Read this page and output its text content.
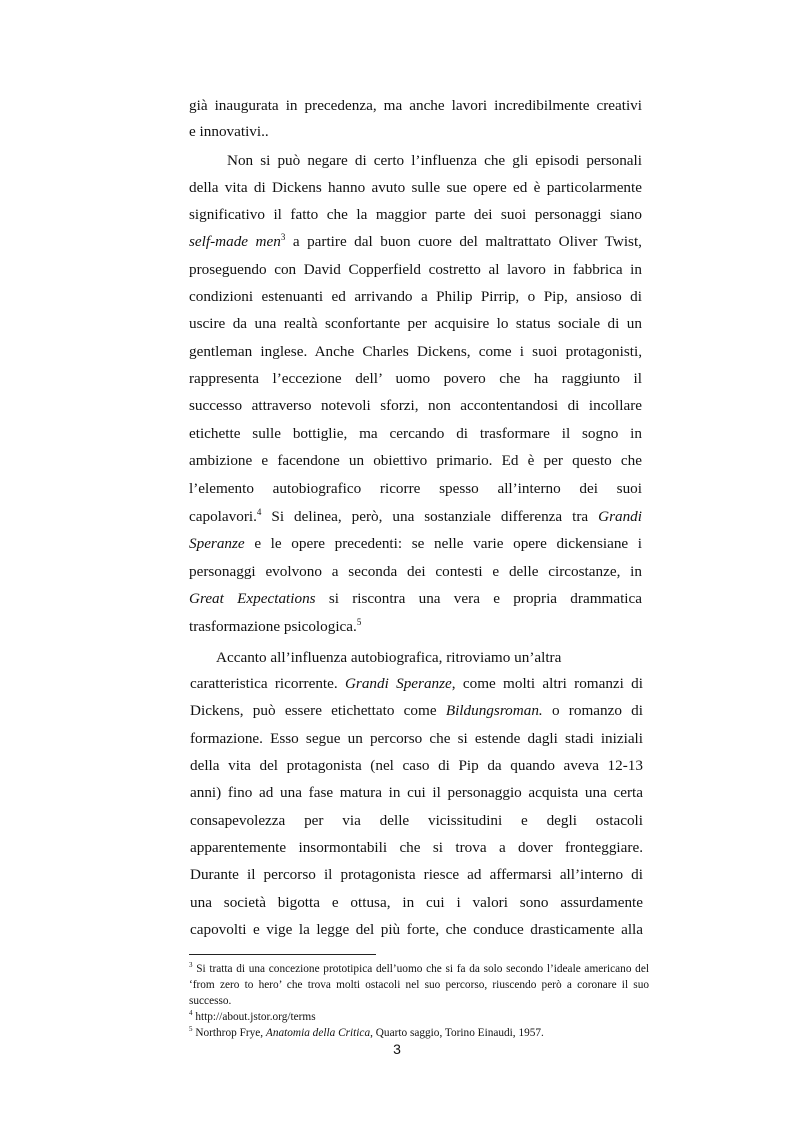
già inaugurata in precedenza, ma anche lavori incredibilmente creativi
e innovativi..
Non si può negare di certo l’influenza che gli episodi personali
della vita di Dickens hanno avuto sulle sue opere ed è particolarmente
significativo il fatto che la maggior parte dei suoi personaggi siano
self-made men$^3$ a partire dal buon cuore del maltrattato Oliver Twist,
proseguendo con David Copperfield costretto al lavoro in fabbrica in
condizioni estenuanti ed arrivando a Philip Pirrip, o Pip, ansioso di
uscire da una realtà sconfortante per acquisire lo status sociale di un
gentleman inglese. Anche Charles Dickens, come i suoi protagonisti,
rappresenta l’eccezione dell’ uomo povero che ha raggiunto il
successo attraverso notevoli sforzi, non accontentandosi di incollare
etichette sulle bottiglie, ma cercando di trasformare il sogno in
ambizione e facendone un obiettivo primario. Ed è per questo che
l’elemento autobiografico ricorre spesso all’interno dei suoi
capolavori.$^4$ Si delinea, però, una sostanziale differenza tra Grandi
Speranze e le opere precedenti: se nelle varie opere dickensiane i
personaggi evolvono a seconda dei contesti e delle circostanze, in
Great Expectations si riscontra una vera e propria drammatica
trasformazione psicologica.$^5$
Accanto all’influenza autobiografica, ritroviamo un’altra
caratteristica ricorrente. Grandi Speranze, come molti altri romanzi di
Dickens, può essere etichettato come Bildungsroman. o romanzo di
formazione. Esso segue un percorso che si estende dagli stadi iniziali
della vita del protagonista (nel caso di Pip da quando aveva 12-13
anni) fino ad una fase matura in cui il personaggio acquista una certa
consapevolezza per via delle vicissitudini e degli ostacoli
apparentemente insormontabili che si trova a dover fronteggiare.
Durante il percorso il protagonista riesce ad affermarsi all’interno di
una società bigotta e ottusa, in cui i valori sono assurdamente
capovolti e vige la legge del più forte, che conduce drasticamente alla
$^3$ Si tratta di una concezione prototipica dell’uomo che si fa da solo secondo l’ideale americano del
‘from zero to hero’ che trova molti ostacoli nel suo percorso, riuscendo però a coronare il suo
successo.
$^4$ http://about.jstor.org/terms
$^5$ Northrop Frye, Anatomia della Critica, Quarto saggio, Torino Einaudi, 1957.
3
